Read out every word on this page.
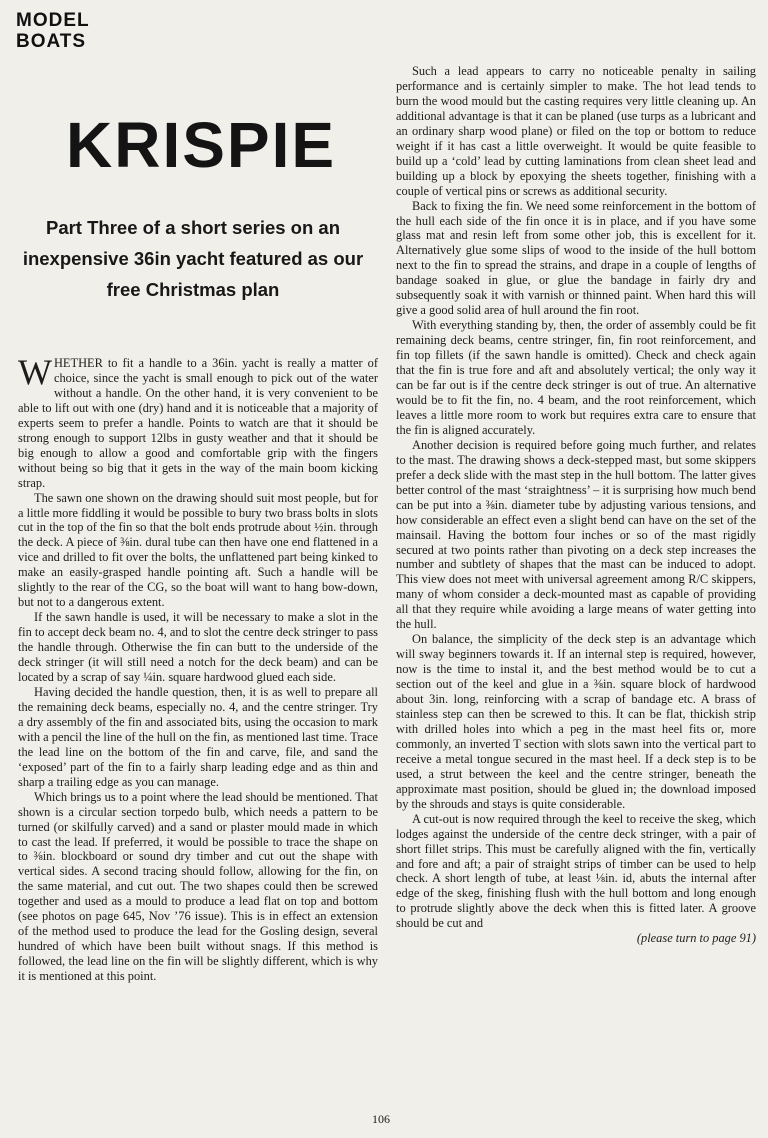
MODEL
BOATS
KRISPIE
Part Three of a short series on an inexpensive 36in yacht featured as our free Christmas plan

WHETHER to fit a handle to a 36in. yacht is really a matter of choice, since the yacht is small enough to pick out of the water without a handle. On the other hand, it is very convenient to be able to lift out with one (dry) hand and it is noticeable that a majority of experts seem to prefer a handle. Points to watch are that it should be strong enough to support 12lbs in gusty weather and that it should be big enough to allow a good and comfortable grip with the fingers without being so big that it gets in the way of the main boom kicking strap.

The sawn one shown on the drawing should suit most people, but for a little more fiddling it would be possible to bury two brass bolts in slots cut in the top of the fin so that the bolt ends protrude about ½in. through the deck. A piece of ⅜in. dural tube can then have one end flattened in a vice and drilled to fit over the bolts, the unflattened part being kinked to make an easily-grasped handle pointing aft. Such a handle will be slightly to the rear of the CG, so the boat will want to hang bow-down, but not to a dangerous extent.

If the sawn handle is used, it will be necessary to make a slot in the fin to accept deck beam no. 4, and to slot the centre deck stringer to pass the handle through. Otherwise the fin can butt to the underside of the deck stringer (it will still need a notch for the deck beam) and can be located by a scrap of say ¼in. square hardwood glued each side.

Having decided the handle question, then, it is as well to prepare all the remaining deck beams, especially no. 4, and the centre stringer. Try a dry assembly of the fin and associated bits, using the occasion to mark with a pencil the line of the hull on the fin, as mentioned last time. Trace the lead line on the bottom of the fin and carve, file, and sand the ‘exposed’ part of the fin to a fairly sharp leading edge and as thin and sharp a trailing edge as you can manage.

Which brings us to a point where the lead should be mentioned. That shown is a circular section torpedo bulb, which needs a pattern to be turned (or skilfully carved) and a sand or plaster mould made in which to cast the lead. If preferred, it would be possible to trace the shape on to ⅜in. blockboard or sound dry timber and cut out the shape with vertical sides. A second tracing should follow, allowing for the fin, on the same material, and cut out. The two shapes could then be screwed together and used as a mould to produce a lead flat on top and bottom (see photos on page 645, Nov ’76 issue). This is in effect an extension of the method used to produce the lead for the Gosling design, several hundred of which have been built without snags. If this method is followed, the lead line on the fin will be slightly different, which is why it is mentioned at this point.

Such a lead appears to carry no noticeable penalty in sailing performance and is certainly simpler to make. The hot lead tends to burn the wood mould but the casting requires very little cleaning up. An additional advantage is that it can be planed (use turps as a lubricant and an ordinary sharp wood plane) or filed on the top or bottom to reduce weight if it has cast a little overweight. It would be quite feasible to build up a ‘cold’ lead by cutting laminations from clean sheet lead and building up a block by epoxying the sheets together, finishing with a couple of vertical pins or screws as additional security.

Back to fixing the fin. We need some reinforcement in the bottom of the hull each side of the fin once it is in place, and if you have some glass mat and resin left from some other job, this is excellent for it. Alternatively glue some slips of wood to the inside of the hull bottom next to the fin to spread the strains, and drape in a couple of lengths of bandage soaked in glue, or glue the bandage in fairly dry and subsequently soak it with varnish or thinned paint. When hard this will give a good solid area of hull around the fin root.

With everything standing by, then, the order of assembly could be fit remaining deck beams, centre stringer, fin, fin root reinforcement, and fin top fillets (if the sawn handle is omitted). Check and check again that the fin is true fore and aft and absolutely vertical; the only way it can be far out is if the centre deck stringer is out of true. An alternative would be to fit the fin, no. 4 beam, and the root reinforcement, which leaves a little more room to work but requires extra care to ensure that the fin is aligned accurately.

Another decision is required before going much further, and relates to the mast. The drawing shows a deck-stepped mast, but some skippers prefer a deck slide with the mast step in the hull bottom. The latter gives better control of the mast ‘straightness’ – it is surprising how much bend can be put into a ⅜in. diameter tube by adjusting various tensions, and how considerable an effect even a slight bend can have on the set of the mainsail. Having the bottom four inches or so of the mast rigidly secured at two points rather than pivoting on a deck step increases the number and subtlety of shapes that the mast can be induced to adopt. This view does not meet with universal agreement among R/C skippers, many of whom consider a deck-mounted mast as capable of providing all that they require while avoiding a large means of water getting into the hull.

On balance, the simplicity of the deck step is an advantage which will sway beginners towards it. If an internal step is required, however, now is the time to instal it, and the best method would be to cut a section out of the keel and glue in a ⅜in. square block of hardwood about 3in. long, reinforcing with a scrap of bandage etc. A brass of stainless step can then be screwed to this. It can be flat, thickish strip with drilled holes into which a peg in the mast heel fits or, more commonly, an inverted T section with slots sawn into the vertical part to receive a metal tongue secured in the mast heel. If a deck step is to be used, a strut between the keel and the centre stringer, beneath the approximate mast position, should be glued in; the download imposed by the shrouds and stays is quite considerable.

A cut-out is now required through the keel to receive the skeg, which lodges against the underside of the centre deck stringer, with a pair of short fillet strips. This must be carefully aligned with the fin, vertically and fore and aft; a pair of straight strips of timber can be used to help check. A short length of tube, at least ⅛in. id, abuts the internal after edge of the skeg, finishing flush with the hull bottom and long enough to protrude slightly above the deck when this is fitted later. A groove should be cut and

(please turn to page 91)

106
